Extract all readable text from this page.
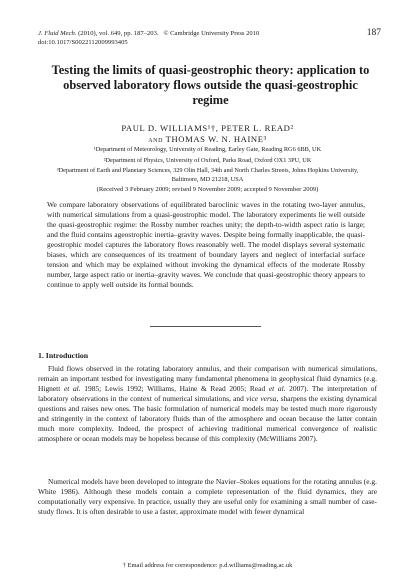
J. Fluid Mech. (2010), vol. 649, pp. 187–203. © Cambridge University Press 2010
doi:10.1017/S0022112009993405
187
Testing the limits of quasi-geostrophic theory: application to observed laboratory flows outside the quasi-geostrophic regime
PAUL D. WILLIAMS¹†, PETER L. READ²
and THOMAS W. N. HAINE³

¹Department of Meteorology, University of Reading, Earley Gate, Reading RG6 6BB, UK

²Department of Physics, University of Oxford, Parks Road, Oxford OX1 3PU, UK

³Department of Earth and Planetary Sciences, 329 Olin Hall, 34th and North Charles Streets, Johns Hopkins University, Baltimore, MD 21218, USA

(Received 3 February 2009; revised 9 November 2009; accepted 9 November 2009)
We compare laboratory observations of equilibrated baroclinic waves in the rotating two-layer annulus, with numerical simulations from a quasi-geostrophic model. The laboratory experiments lie well outside the quasi-geostrophic regime: the Rossby number reaches unity; the depth-to-width aspect ratio is large; and the fluid contains ageostrophic inertia–gravity waves. Despite being formally inapplicable, the quasi-geostrophic model captures the laboratory flows reasonably well. The model displays several systematic biases, which are consequences of its treatment of boundary layers and neglect of interfacial surface tension and which may be explained without invoking the dynamical effects of the moderate Rossby number, large aspect ratio or inertia–gravity waves. We conclude that quasi-geostrophic theory appears to continue to apply well outside its formal bounds.
1. Introduction

Fluid flows observed in the rotating laboratory annulus, and their comparison with numerical simulations, remain an important testbed for investigating many fundamental phenomena in geophysical fluid dynamics (e.g. Hignett et al. 1985; Lewis 1992; Williams, Haine & Read 2005; Read et al. 2007). The interpretation of laboratory observations in the context of numerical simulations, and vice versa, sharpens the existing dynamical questions and raises new ones. The basic formulation of numerical models may be tested much more rigorously and stringently in the context of laboratory fluids than of the atmosphere and ocean because the latter contain much more complexity. Indeed, the prospect of achieving traditional numerical convergence of realistic atmosphere or ocean models may be hopeless because of this complexity (McWilliams 2007).

Numerical models have been developed to integrate the Navier–Stokes equations for the rotating annulus (e.g. White 1986). Although these models contain a complete representation of the fluid dynamics, they are computationally very expensive. In practice, usually they are useful only for examining a small number of case-study flows. It is often desirable to use a faster, approximate model with fewer dynamical

† Email address for correspondence: p.d.williams@reading.ac.uk
